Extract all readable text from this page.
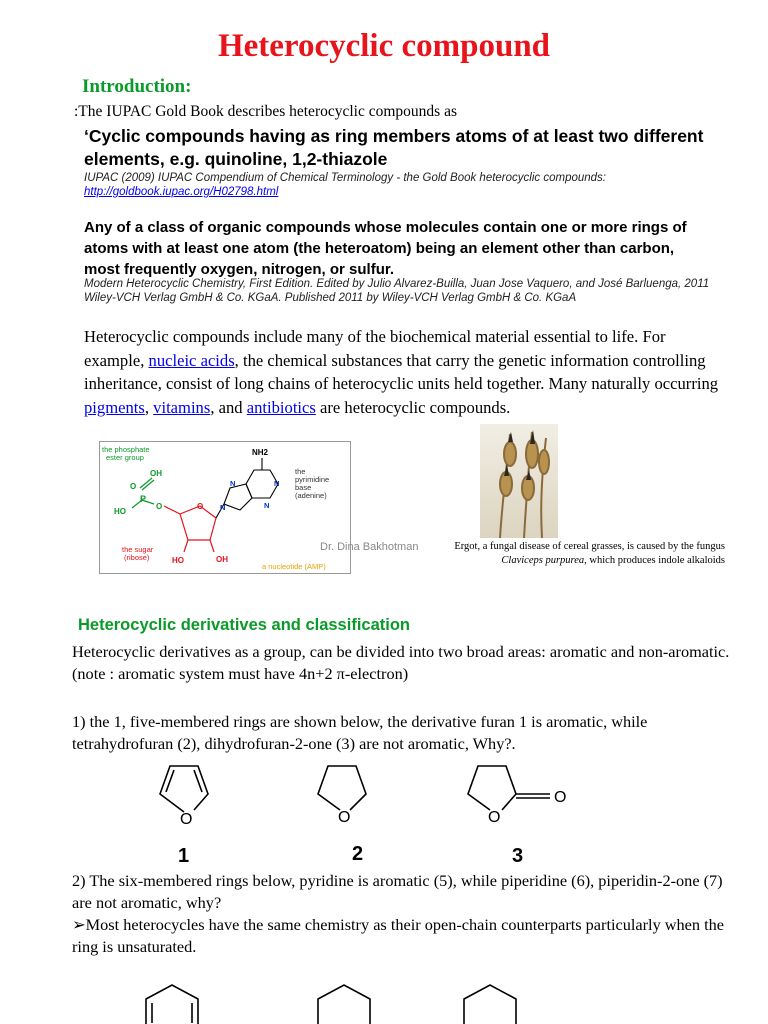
Heterocyclic compound
Introduction:
:The IUPAC Gold Book describes heterocyclic compounds as
‘Cyclic compounds having as ring members atoms of at least two different elements, e.g. quinoline, 1,2-thiazole
IUPAC (2009) IUPAC Compendium of Chemical Terminology - the Gold Book heterocyclic compounds:
http://goldbook.iupac.org/H02798.html
Any of a class of organic compounds whose molecules contain one or more rings of atoms with at least one atom (the heteroatom) being an element other than carbon, most frequently oxygen, nitrogen, or sulfur.
Modern Heterocyclic Chemistry, First Edition. Edited by Julio Alvarez-Builla, Juan Jose Vaquero, and José Barluenga, 2011 Wiley-VCH Verlag GmbH & Co. KGaA. Published 2011 by Wiley-VCH Verlag GmbH & Co. KGaA
Heterocyclic compounds include many of the biochemical material essential to life. For example, nucleic acids, the chemical substances that carry the genetic information controlling inheritance, consist of long chains of heterocyclic units held together. Many naturally occurring pigments, vitamins, and antibiotics are heterocyclic compounds.
the phosphate ester group
P
O
OH
HO
O	O
the sugar (ribose)	HO	OH
NH2
N
N	N
N
the pyrimidine base (adenine)
a nucleotide (AMP)
Dr. Dina Bakhotman	Ergot, a fungal disease of cereal grasses, is caused by the fungus
Claviceps purpurea, which produces indole alkaloids
Heterocyclic derivatives and classification
Heterocyclic derivatives as a group, can be divided into two broad areas: aromatic and non-aromatic. (note : aromatic system must have 4n+2 π-electron)
1) the 1, five-membered rings are shown below, the derivative furan 1 is aromatic, while tetrahydrofuran (2), dihydrofuran-2-one (3) are not aromatic, Why?.
O
1
O
2
O
O
3
2) The six-membered rings below, pyridine is aromatic (5), while piperidine (6), piperidin-2-one (7) are not aromatic, why?
➢Most heterocycles have the same chemistry as their open-chain counterparts particularly when the ring is unsaturated.
